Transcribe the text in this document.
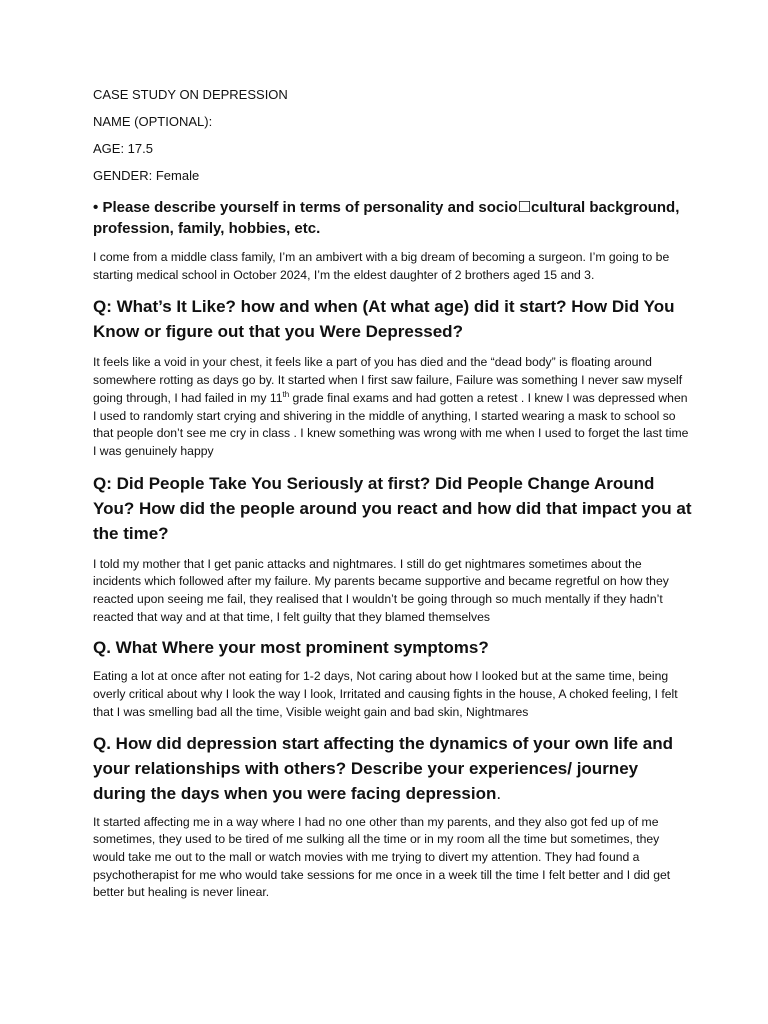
CASE STUDY ON DEPRESSION

NAME (OPTIONAL):

AGE: 17.5

GENDER: Female

• Please describe yourself in terms of personality and socio☐cultural background, profession, family, hobbies, etc.

I come from a middle class family, I’m an ambivert with a big dream of becoming a surgeon. I’m going to be starting medical school in October 2024, I’m the eldest daughter of 2 brothers aged 15 and 3.

Q: What’s It Like? how and when (At what age) did it start? How Did You Know or figure out that you Were Depressed?

It feels like a void in your chest, it feels like a part of you has died and the “dead body” is floating around somewhere rotting as days go by. It started when I first saw failure, Failure was something I never saw myself going through, I had failed in my 11th grade final exams and had gotten a retest . I knew I was depressed when I used to randomly start crying and shivering in the middle of anything, I started wearing a mask to school so that people don’t see me cry in class . I knew something was wrong with me when I used to forget the last time I was genuinely happy

Q: Did People Take You Seriously at first? Did People Change Around You? How did the people around you react and how did that impact you at the time?

I told my mother that I get panic attacks and nightmares. I still do get nightmares sometimes about the incidents which followed after my failure. My parents became supportive and became regretful on how they reacted upon seeing me fail, they realised that I wouldn’t be going through so much mentally if they hadn’t reacted that way and at that time, I felt guilty that they blamed themselves

Q. What Where your most prominent symptoms?

Eating a lot at once after not eating for 1-2 days, Not caring about how I looked but at the same time, being overly critical about why I look the way I look, Irritated and causing fights in the house, A choked feeling, I felt that I was smelling bad all the time, Visible weight gain and bad skin, Nightmares

Q. How did depression start affecting the dynamics of your own life and your relationships with others? Describe your experiences/ journey during the days when you were facing depression.

It started affecting me in a way where I had no one other than my parents, and they also got fed up of me sometimes, they used to be tired of me sulking all the time or in my room all the time but sometimes, they would take me out to the mall or watch movies with me trying to divert my attention. They had found a psychotherapist for me who would take sessions for me once in a week till the time I felt better and I did get better but healing is never linear.
